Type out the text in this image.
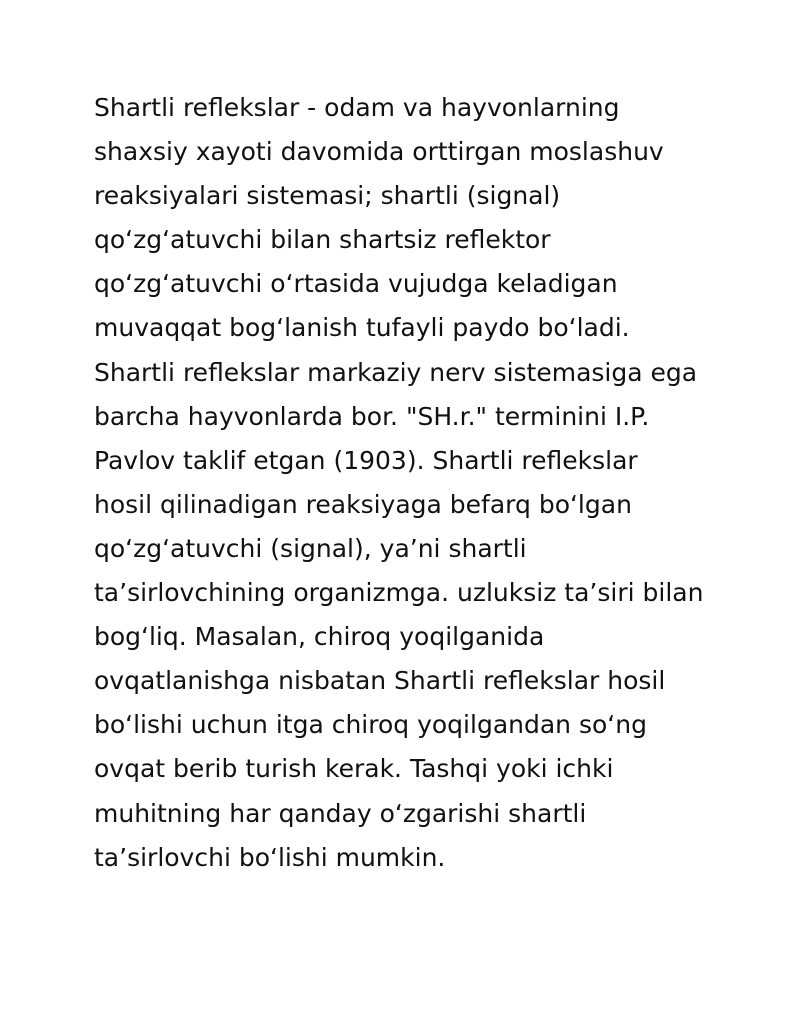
Shartli reflekslar - odam va hayvonlarning
shaxsiy xayoti davomida orttirgan moslashuv
reaksiyalari sistemasi; shartli (signal)
qo‘zg‘atuvchi bilan shartsiz reflektor
qo‘zg‘atuvchi o‘rtasida vujudga keladigan
muvaqqat bog‘lanish tufayli paydo bo‘ladi.
Shartli reflekslar markaziy nerv sistemasiga ega
barcha hayvonlarda bor. "SH.r." terminini I.P.
Pavlov taklif etgan (1903). Shartli reflekslar
hosil qilinadigan reaksiyaga befarq bo‘lgan
qo‘zg‘atuvchi (signal), ya’ni shartli
ta’sirlovchining organizmga. uzluksiz ta’siri bilan
bog‘liq. Masalan, chiroq yoqilganida
ovqatlanishga nisbatan Shartli reflekslar hosil
bo‘lishi uchun itga chiroq yoqilgandan so‘ng
ovqat berib turish kerak. Tashqi yoki ichki
muhitning har qanday o‘zgarishi shartli
ta’sirlovchi bo‘lishi mumkin.
